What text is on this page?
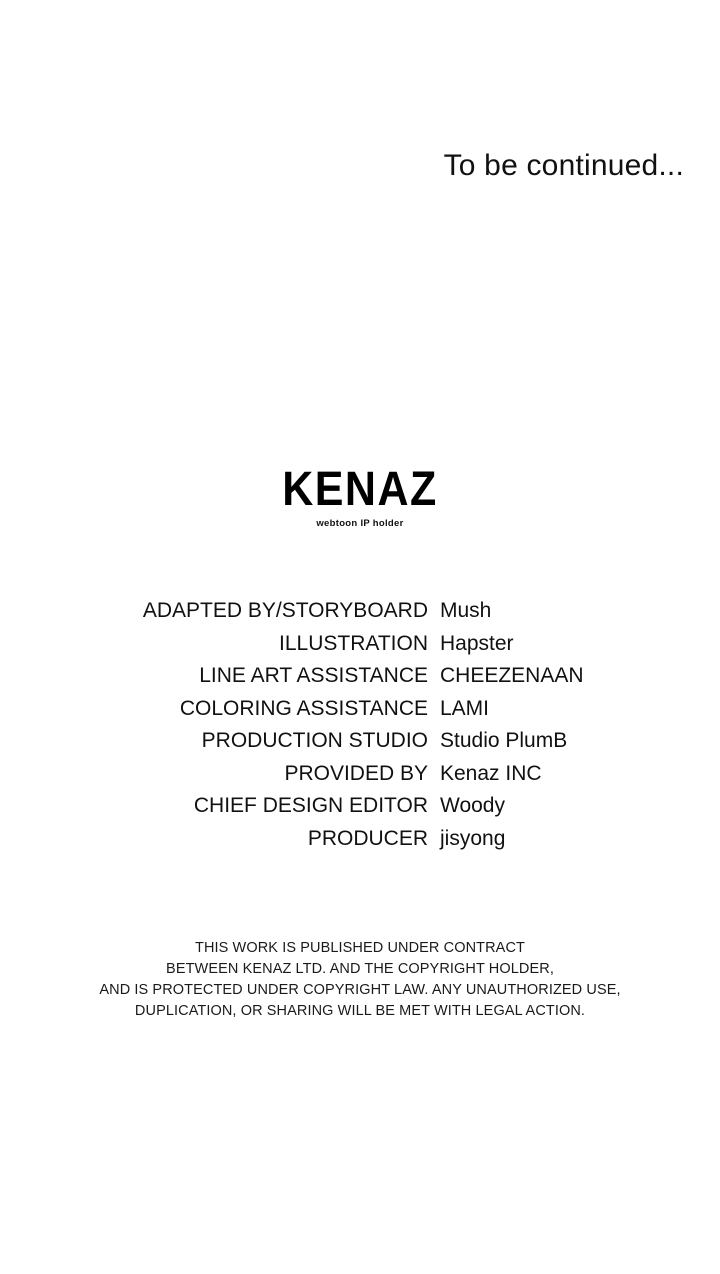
To be continued...
KENAZ
webtoon IP holder
ADAPTED BY/STORYBOARD Mush
ILLUSTRATION Hapster
LINE ART ASSISTANCE CHEEZENAAN
COLORING ASSISTANCE LAMI
PRODUCTION STUDIO Studio PlumB
PROVIDED BY Kenaz INC
CHIEF DESIGN EDITOR Woody
PRODUCER jisyong
THIS WORK IS PUBLISHED UNDER CONTRACT
BETWEEN KENAZ LTD. AND THE COPYRIGHT HOLDER,
AND IS PROTECTED UNDER COPYRIGHT LAW. ANY UNAUTHORIZED USE,
DUPLICATION, OR SHARING WILL BE MET WITH LEGAL ACTION.
